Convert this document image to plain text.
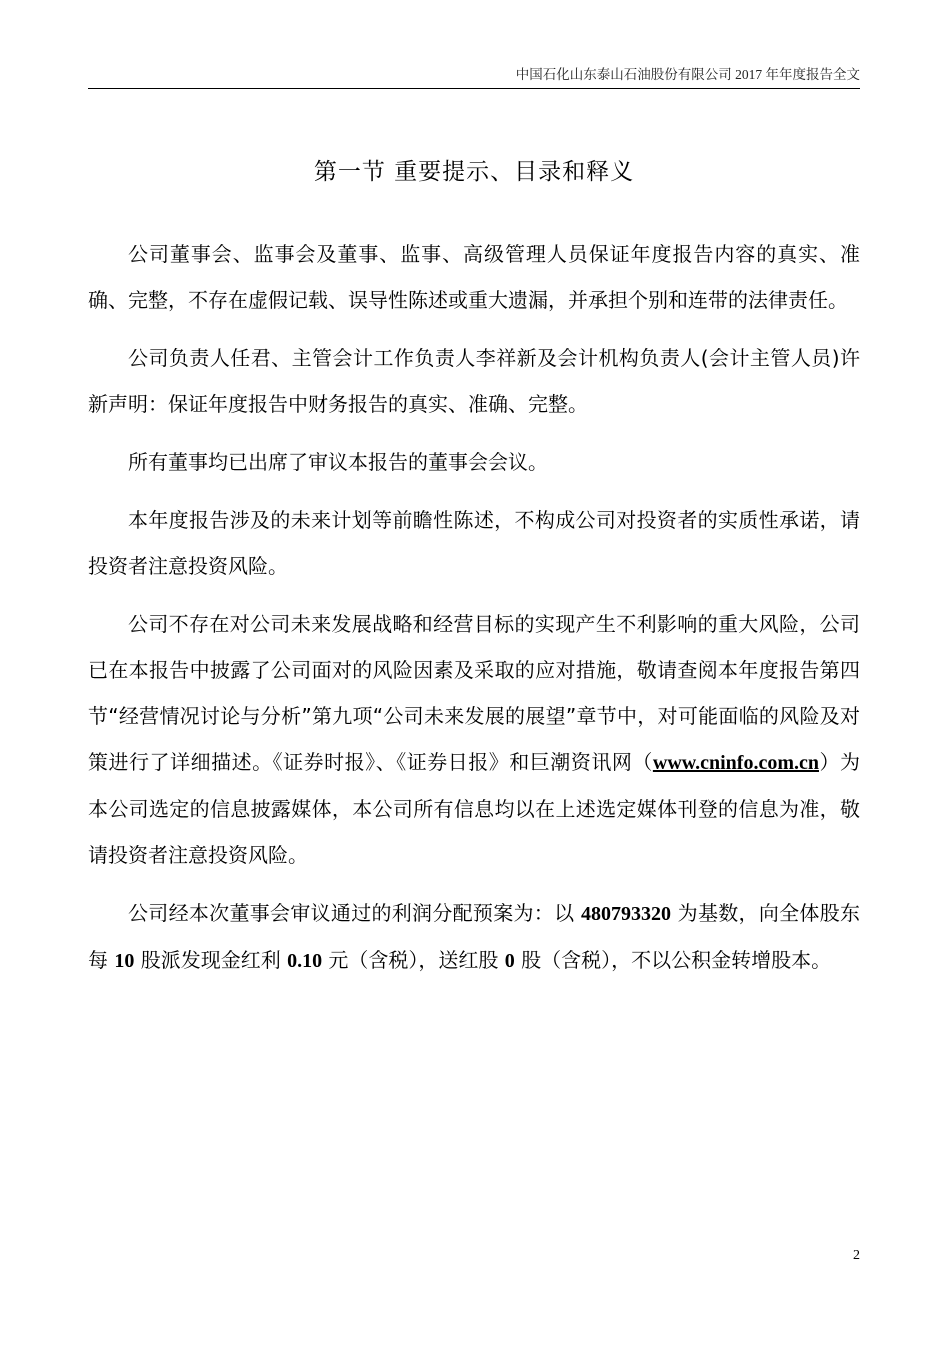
中国石化山东泰山石油股份有限公司 2017 年年度报告全文
第一节 重要提示、目录和释义

公司董事会、监事会及董事、监事、高级管理人员保证年度报告内容的真实、准确、完整，不存在虚假记载、误导性陈述或重大遗漏，并承担个别和连带的法律责任。

公司负责人任君、主管会计工作负责人李祥新及会计机构负责人(会计主管人员)许新声明：保证年度报告中财务报告的真实、准确、完整。

所有董事均已出席了审议本报告的董事会会议。

本年度报告涉及的未来计划等前瞻性陈述，不构成公司对投资者的实质性承诺，请投资者注意投资风险。

公司不存在对公司未来发展战略和经营目标的实现产生不利影响的重大风险，公司已在本报告中披露了公司面对的风险因素及采取的应对措施，敬请查阅本年度报告第四节“经营情况讨论与分析”第九项“公司未来发展的展望”章节中，对可能面临的风险及对策进行了详细描述。《证券时报》、《证券日报》和巨潮资讯网（www.cninfo.com.cn）为本公司选定的信息披露媒体，本公司所有信息均以在上述选定媒体刊登的信息为准，敬请投资者注意投资风险。

公司经本次董事会审议通过的利润分配预案为：以 480793320 为基数，向全体股东每 10 股派发现金红利 0.10 元（含税），送红股 0 股（含税），不以公积金转增股本。

2
